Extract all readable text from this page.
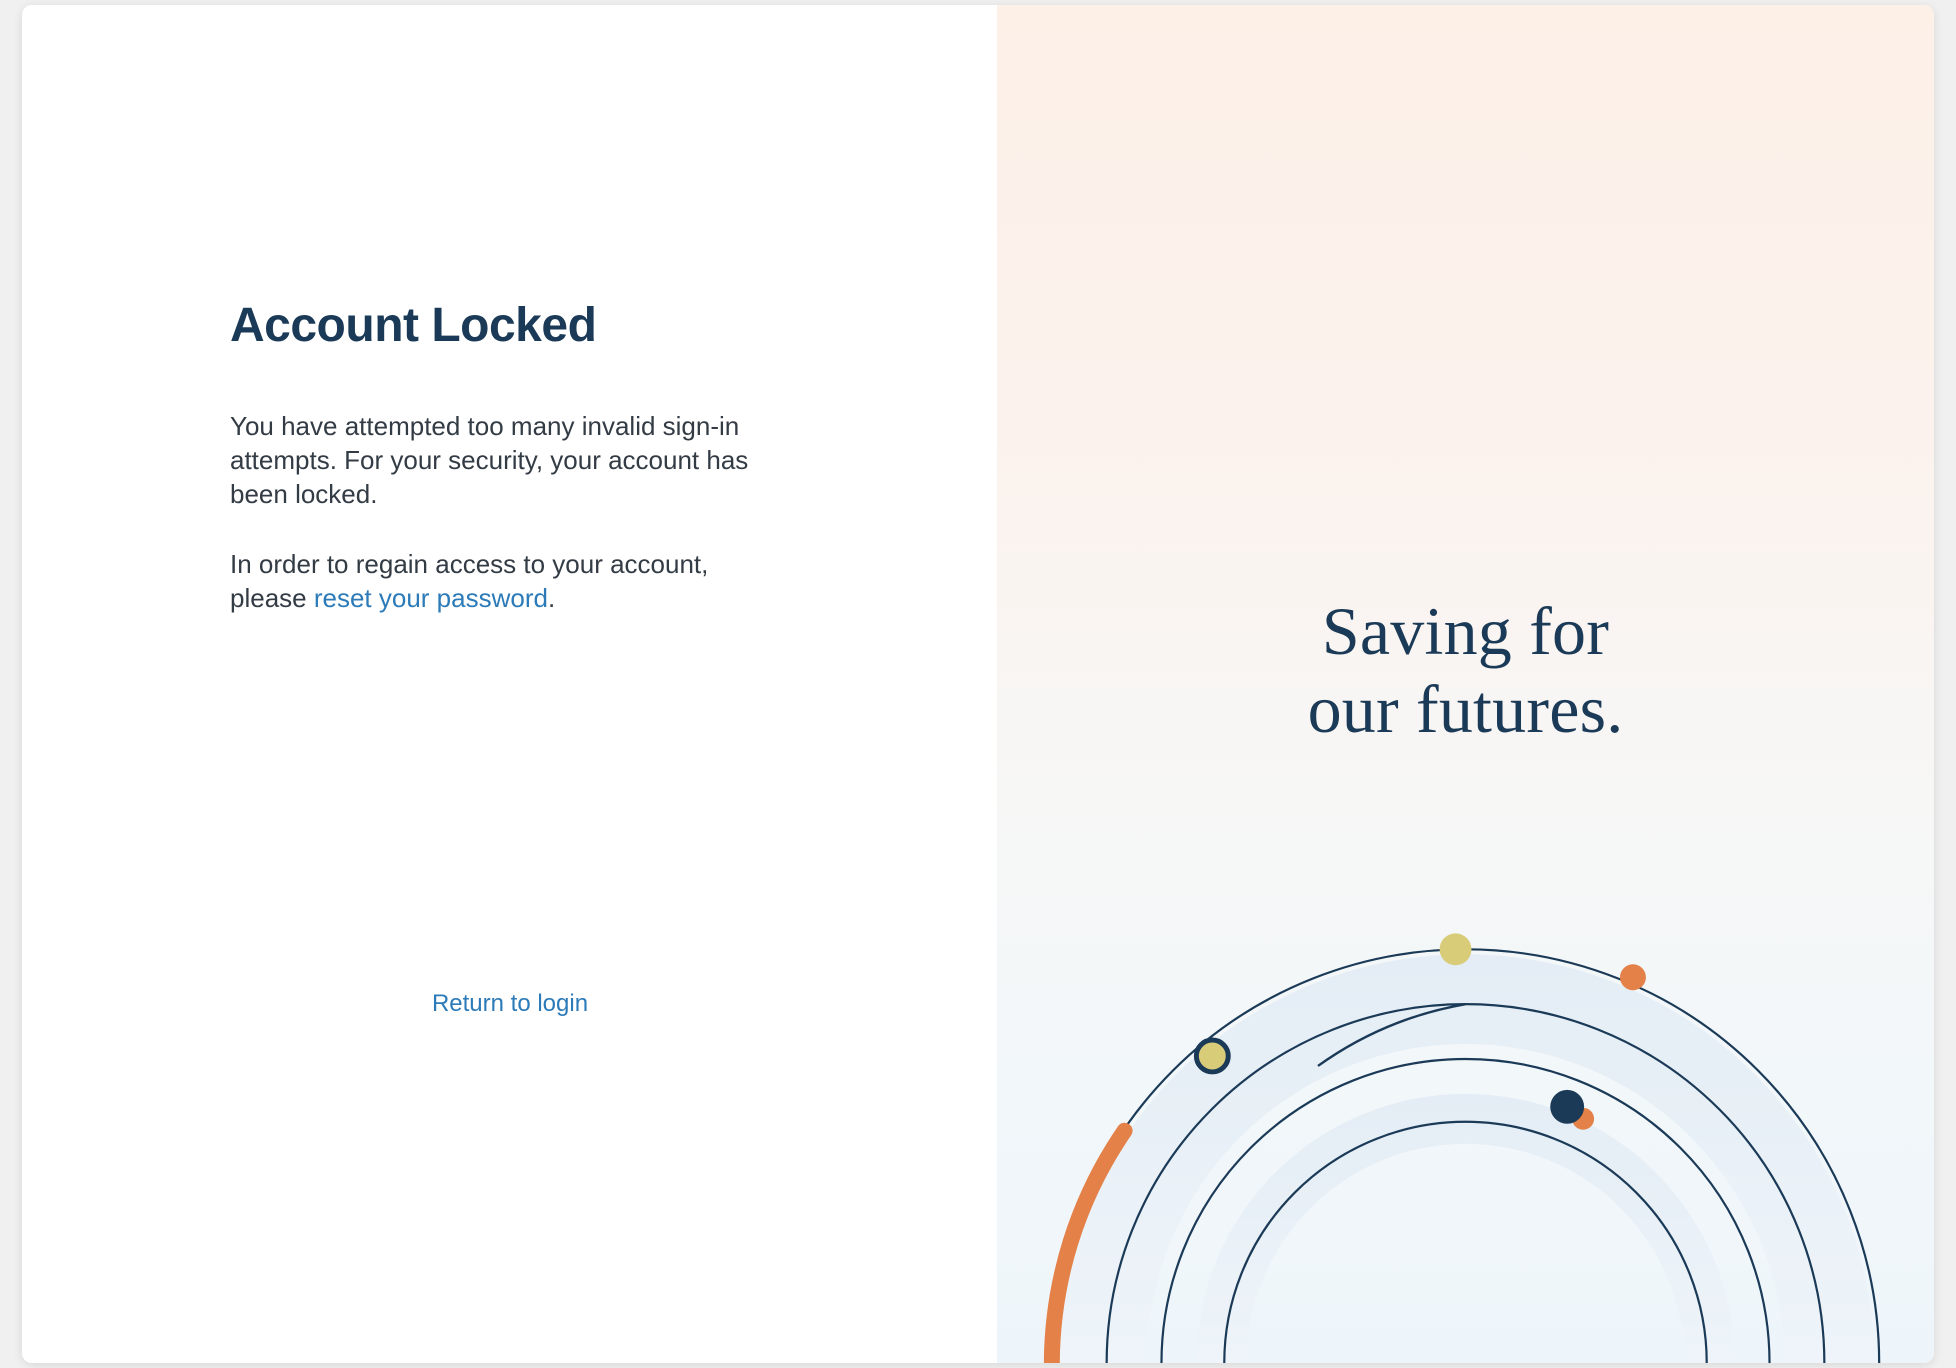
Account Locked

You have attempted too many invalid sign-in attempts. For your security, your account has been locked.

In order to regain access to your account, please reset your password.

Return to login
Saving for
our futures.
